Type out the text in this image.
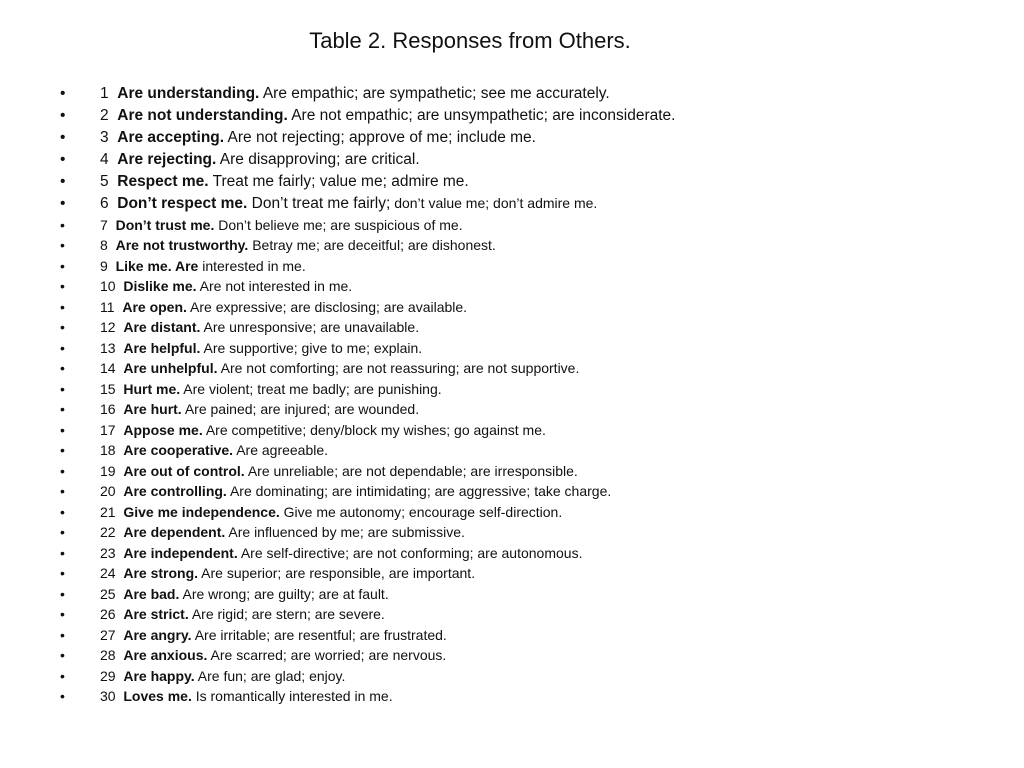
Table 2. Responses from Others.
• 1 Are understanding. Are empathic; are sympathetic; see me accurately.
• 2 Are not understanding. Are not empathic; are unsympathetic; are inconsiderate.
• 3 Are accepting. Are not rejecting; approve of me; include me.
• 4 Are rejecting. Are disapproving; are critical.
• 5 Respect me. Treat me fairly; value me; admire me.
• 6 Don’t respect me. Don’t treat me fairly; don’t value me; don’t admire me.
•	7 Don’t trust me. Don’t believe me; are suspicious of me.
•	8 Are not trustworthy. Betray me; are deceitful; are dishonest.
•	9 Like me. Are interested in me.
•	10 Dislike me. Are not interested in me.
•	11 Are open. Are expressive; are disclosing; are available.
•	12 Are distant. Are unresponsive; are unavailable.
•	13 Are helpful. Are supportive; give to me; explain.
•	14 Are unhelpful. Are not comforting; are not reassuring; are not supportive.
•	15 Hurt me. Are violent; treat me badly; are punishing.
•	16 Are hurt. Are pained; are injured; are wounded.
•	17 Appose me. Are competitive; deny/block my wishes; go against me.
•	18 Are cooperative. Are agreeable.
•	19 Are out of control. Are unreliable; are not dependable; are irresponsible.
•	20 Are controlling. Are dominating; are intimidating; are aggressive; take charge.
•	21 Give me independence. Give me autonomy; encourage self-direction.
•	22 Are dependent. Are influenced by me; are submissive.
•	23 Are independent. Are self-directive; are not conforming; are autonomous.
•	24 Are strong. Are superior; are responsible, are important.
•	25 Are bad. Are wrong; are guilty; are at fault.
•	26 Are strict. Are rigid; are stern; are severe.
•	27 Are angry. Are irritable; are resentful; are frustrated.
•	28 Are anxious. Are scarred; are worried; are nervous.
•	29 Are happy. Are fun; are glad; enjoy.
•	30 Loves me. Is romantically interested in me.
